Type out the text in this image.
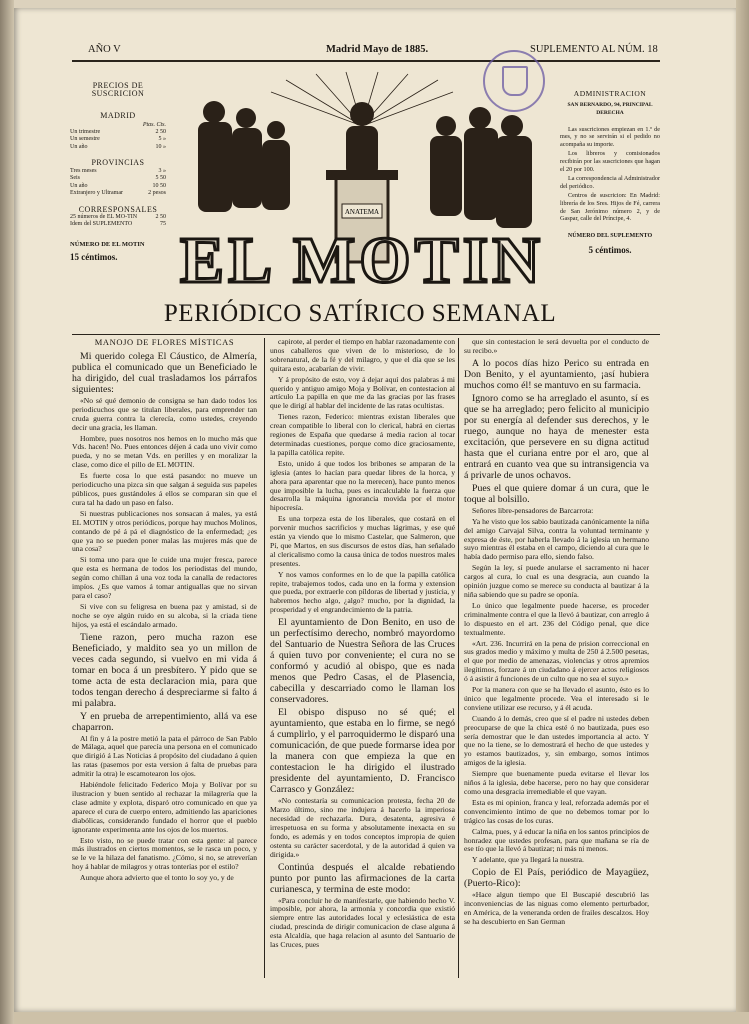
AÑO V	Madrid Mayo de 1885.	SUPLEMENTO AL NÚM. 18
PRECIOS DE SUSCRICION
MADRID
Ptas. Cts.
Un trimestre	2 50
Un semestre	5 »
Un año	10 »
PROVINCIAS
Tres meses	3 »
Seis	5 50
Un año	10 50
Extranjero y Ultramar	2 pesos
CORRESPONSALES
25 números de EL MO-TIN	2 50
Idem del SUPLEMENTO	75
NÚMERO DE EL MOTIN
15 céntimos.
ADMINISTRACION
SAN BERNARDO, 94, PRINCIPAL DERECHA

Las suscriciones empiezan en 1.º de mes, y no se servirán si el pedido no acompaña su importe.

Los libreros y comisionados recibirán por las suscriciones que hagan el 20 por 100.

La correspondencia al Administrador del periódico.

Centros de suscricion: En Madrid: librería de los Sres. Hijos de Fé, carrera de San Jerónimo número 2, y de Gaspar, calle del Príncipe, 4.

NÚMERO DEL SUPLEMENTO
5 céntimos.
ANATEMA
EL MOTIN
PERIÓDICO SATÍRICO SEMANAL
MANOJO DE FLORES MÍSTICAS

Mi querido colega El Cáustico, de Almería, publica el comunicado que un Beneficiado le ha dirigido, del cual trasladamos los párrafos siguientes:

«No sé qué demonio de consigna se han dado todos los periodicuchos que se titulan liberales, para emprender tan cruda guerra contra la clerecía, como ustedes, creyendo decir una gracia, les llaman.

Hombre, pues nosotros nos hemos en lo mucho más que Vds. hacen! No. Pues entonces déjen á cada uno vivir como pueda, y no se metan Vds. en perilles y en moralizar la clase, como dice el pillo de EL MOTIN.

Es fuerte cosa lo que está pasando: no mueve un periodicucho una pizca sin que salgan á seguida sus papeles públicos, pues gustándoles á ellos se comparan sin que el cura tal ha dado un paso en falso.

Si nuestras publicaciones nos sonsacan á males, ya está EL MOTIN y otros periódicos, porque hay muchos Molinos, contando de pé á pá el diagnóstico de la enfermedad; ¿es que ya no se pueden poner malas las mujeres más que de una cosa?

Si toma uno para que le cuide una mujer fresca, parece que esta es hermana de todos los periodistas del mundo, según como chillan á una voz toda la canalla de redactores impíos. ¿Es que vamos á tomar antiguallas que no sirvan para el caso?

Si vive con su feligresa en buena paz y amistad, si de noche se oye algún ruido en su alcoba, si la criada tiene hijos, ya está el escándalo armado.

Tiene razon, pero mucha razon ese Beneficiado, y maldito sea yo un millon de veces cada segundo, si vuelvo en mi vida á tomar en boca á un presbítero. Y pido que se tome acta de esta declaracion mia, para que todos tengan derecho á despreciarme si falto á mi palabra.

Y en prueba de arrepentimiento, allá va ese chaparron.

Al fin y á la postre metió la pata el párroco de San Pablo de Málaga, aquel que parecía una persona en el comunicado que dirigió á Las Noticias á propósito del ciudadano á quien las ratas (pasemos por esta version á falta de pruebas para admitir la otra) le escamotearon los ojos.

Habiéndole felicitado Federico Moja y Bolívar por su ilustracion y buen sentido al rechazar la milagrería que la clase admite y explota, disparó otro comunicado en que ya aparece el cura de cuerpo entero, admitiendo las apariciones diabólicas, considerando fundado el horror que el pueblo ignorante experimenta ante los ojos de los muertos.

Esto visto, no se puede tratar con esta gente: al parece más ilustrados en ciertos momentos, se le rasca un poco, y se le ve la hilaza del fanatismo. ¿Cómo, si no, se atreverían hoy á hablar de milagros y otras tonterías por el estilo?

Aunque ahora advierto que el tonto lo soy yo, y de

capirote, al perder el tiempo en hablar razonadamente con unos caballeros que viven de lo misterioso, de lo sobrenatural, de la fé y del milagro, y que el día que se les quitara esto, acabarían de vivir.

Y á propósito de esto, voy á dejar aquí dos palabras á mi querido y antiguo amigo Moja y Bolívar, en contestacion al artículo La papilla en que me da las gracias por las frases que le dirigí al hablar del incidente de las ratas ocultistas.

Tienes razon, Federico: mientras existan liberales que crean compatible lo liberal con lo clerical, habrá en ciertas regiones de España que quedarse á media racion al tocar determinadas cuestiones, porque como dice graciosamente, la papilla católica repite.

Esto, unido á que todos los bribones se amparan de la iglesia (antes lo hacían para quedar libres de la horca, y ahora para aparentar que no la merecen), hace punto menos que imposible la lucha, pues es incalculable la fuerza que desarrolla la máquina ignorancia movida por el motor hipocresía.

Es una torpeza esta de los liberales, que costará en el porvenir muchos sacrificios y muchas lágrimas, y ese qué están ya viendo que lo mismo Castelar, que Salmeron, que Pí, que Martos, en sus discursos de estos días, han señalado al clericalismo como la causa única de todos nuestros males presentes.

Y nos vamos conformes en lo de que la papilla católica repite, trabajemos todos, cada uno en la forma y extension que pueda, por extraerle con píldoras de libertad y justicia, y habremos hecho algo, ¿algo? mucho, por la dignidad, la prosperidad y el engrandecimiento de la patria.

El ayuntamiento de Don Benito, en uso de un perfectísimo derecho, nombró mayordomo del Santuario de Nuestra Señora de las Cruces á quien tuvo por conveniente; el cura no se conformó y acudió al obispo, que es nada menos que Pedro Casas, el de Plasencia, cabecilla y descarriado como le llaman los conservadores.

El obispo dispuso no sé qué; el ayuntamiento, que estaba en lo firme, se negó á cumplirlo, y el parroquidermo le disparó una comunicación, de que puede formarse idea por la manera con que empieza la que en contestacion le ha dirigido el ilustrado presidente del ayuntamiento, D. Francisco Carrasco y González:

«No contestaría su comunicacion protesta, fecha 20 de Marzo último, sino me indujera á hacerlo la imperiosa necesidad de rechazarla. Dura, desatenta, agresiva é irrespetuosa en su forma y absolutamente inexacta en su fondo, es además y en todos conceptos impropia de quien ostenta su carácter sacerdotal, y de la autoridad á quien va dirigida.»

Continúa después el alcalde rebatiendo punto por punto las afirmaciones de la carta curianesca, y termina de este modo:

«Para concluir he de manifestarle, que habiendo hecho V. imposible, por ahora, la armonía y concordia que existió siempre entre las autoridades local y eclesiástica de esta ciudad, prescinda de dirigir comunicacion de clase alguna á esta Alcaldía, que haga relacion al asunto del Santuario de las Cruces, pues

que sin contestacion le será devuelta por el conducto de su recibo.»

A lo pocos días hizo Perico su entrada en Don Benito, y el ayuntamiento, ¡así hubiera muchos como él! se mantuvo en su farmacia.

Ignoro como se ha arreglado el asunto, sí es que se ha arreglado; pero felicito al municipio por su energía al defender sus derechos, y le ruego, aunque no haya de menester esta excitación, que persevere en su digna actitud hasta que el curiana entre por el aro, que al entrará en cuanto vea que su intransigencia va á privarle de unos ochavos.

Pues el que quiere domar á un cura, que le toque al bolsillo.

Señores libre-pensadores de Barcarrota:

Ya he visto que los sabio bautizada canónicamente la niña del amigo Carvajal Silva, contra la voluntad terminante y expresa de éste, por haberla llevado á la iglesia un hermano suyo mientras él estaba en el campo, diciendo al cura que le había dado permiso para ello, siendo falso.

Según la ley, sí puede anularse el sacramento ni hacer cargos al cura, lo cual es una desgracia, aun cuando la opinión juzgue como se merece su conducta al bautizar á la niña sabiendo que su padre se oponía.

Lo único que legalmente puede hacerse, es proceder criminalmente contra el que la llevó á bautizar, con arreglo á lo dispuesto en el art. 236 del Código penal, que dice textualmente.

«Art. 236. Incurrirá en la pena de prision correccional en sus grados medio y máximo y multa de 250 á 2.500 pesetas, el que por medio de amenazas, violencias y otros apremios ilegítimos, forzare á un ciudadano á ejercer actos religiosos ó á asistir á funciones de un culto que no sea el suyo.»

Por la manera con que se ha llevado el asunto, ésto es lo único que legalmente procede. Vea el interesado si le conviene utilizar ese recurso, y á él acuda.

Cuando á lo demás, creo que sí el padre ni ustedes deben preocuparse de que la chica esté ó no bautizada, pues eso sería demostrar que le dan ustedes importancia al acto. Y que no la tiene, se lo demostrará el hecho de que ustedes y yo estamos bautizados, y, sin embargo, somos íntimos amigos de la iglesia.

Siempre que buenamente pueda evitarse el llevar los niños á la iglesia, debe hacerse, pero no hay que considerar como una desgracia irremediable el que vayan.

Esta es mi opinion, franca y leal, reforzada además por el convencimiento íntimo de que no debemos tomar por lo trágico las cosas de los curas.

Calma, pues, y á educar la niña en los santos principios de honradez que ustedes profesan, para que mañana se ría de ese tío que la llevó á bautizar; ni más ni menos.

Y adelante, que ya llegará la nuestra.

Copio de El País, periódico de Mayagüez, (Puerto-Rico):

«Hace algun tiempo que El Buscapié descubrió las inconveniencias de las niguas como elemento perturbador, en América, de la veneranda orden de frailes descalzos. Hoy se ha descubierto en San German
